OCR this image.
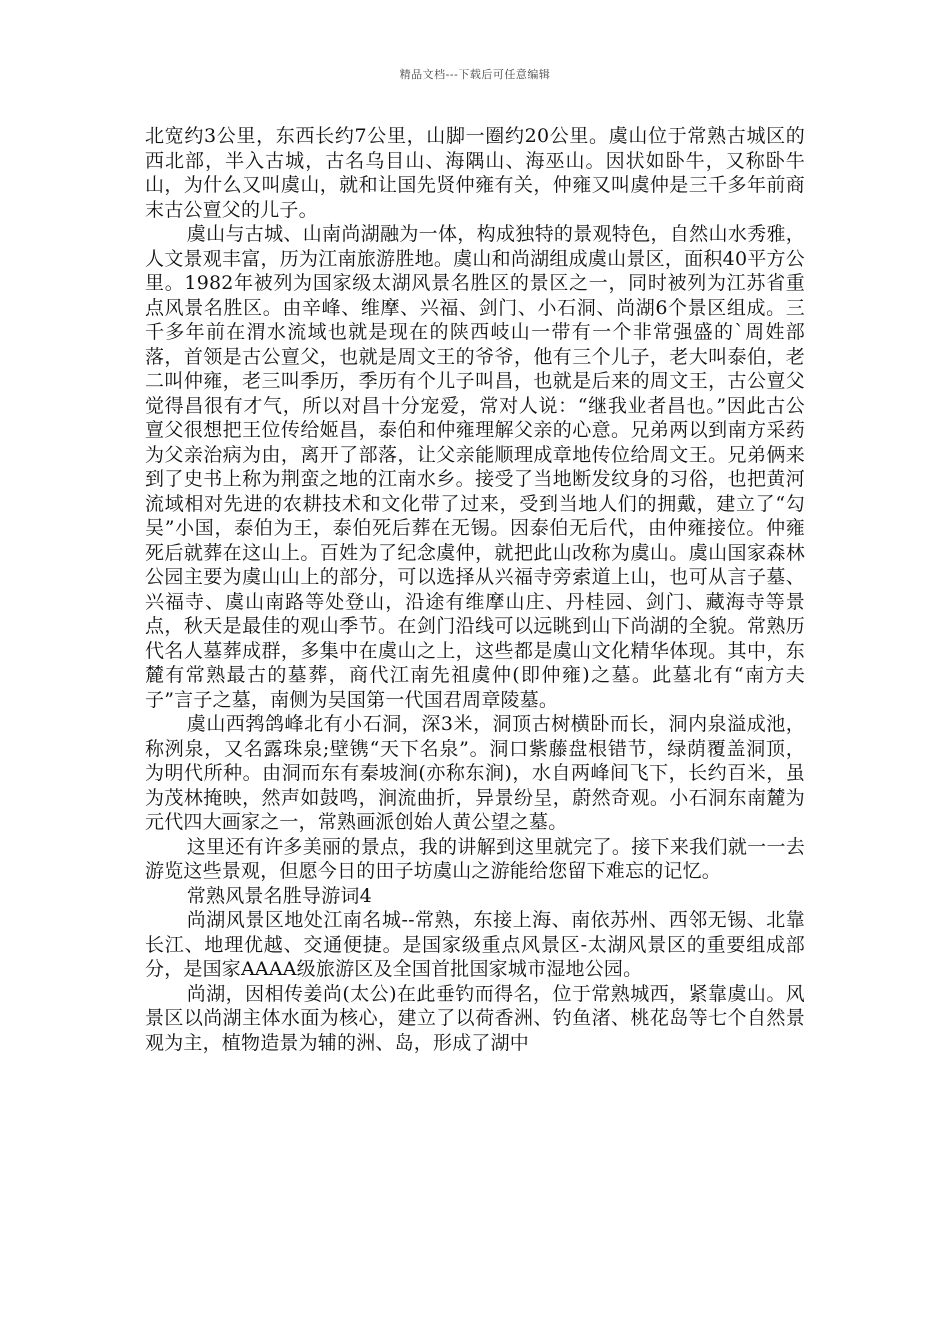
精品文档---下载后可任意编辑

北宽约3公里，东西长约7公里，山脚一圈约20公里。虞山位于常熟古城区的西北部，半入古城，古名乌目山、海隅山、海巫山。因状如卧牛，又称卧牛山，为什么又叫虞山，就和让国先贤仲雍有关，仲雍又叫虞仲是三千多年前商末古公亶父的儿子。

虞山与古城、山南尚湖融为一体，构成独特的景观特色，自然山水秀雅，人文景观丰富，历为江南旅游胜地。虞山和尚湖组成虞山景区，面积40平方公里。1982年被列为国家级太湖风景名胜区的景区之一，同时被列为江苏省重点风景名胜区。由辛峰、维摩、兴福、剑门、小石洞、尚湖6个景区组成。三千多年前在渭水流域也就是现在的陕西岐山一带有一个非常强盛的`周姓部落，首领是古公亶父，也就是周文王的爷爷，他有三个儿子，老大叫泰伯，老二叫仲雍，老三叫季历，季历有个儿子叫昌，也就是后来的周文王，古公亶父觉得昌很有才气，所以对昌十分宠爱，常对人说：“继我业者昌也。”因此古公亶父很想把王位传给姬昌，泰伯和仲雍理解父亲的心意。兄弟两以到南方采药为父亲治病为由，离开了部落，让父亲能顺理成章地传位给周文王。兄弟俩来到了史书上称为荆蛮之地的江南水乡。接受了当地断发纹身的习俗，也把黄河流域相对先进的农耕技术和文化带了过来，受到当地人们的拥戴，建立了“勾吴”小国，泰伯为王，泰伯死后葬在无锡。因泰伯无后代，由仲雍接位。仲雍死后就葬在这山上。百姓为了纪念虞仲，就把此山改称为虞山。虞山国家森林公园主要为虞山山上的部分，可以选择从兴福寺旁索道上山，也可从言子墓、兴福寺、虞山南路等处登山，沿途有维摩山庄、丹桂园、剑门、藏海寺等景点，秋天是最佳的观山季节。在剑门沿线可以远眺到山下尚湖的全貌。常熟历代名人墓葬成群，多集中在虞山之上，这些都是虞山文化精华体现。其中，东麓有常熟最古的墓葬，商代江南先祖虞仲(即仲雍)之墓。此墓北有“南方夫子”言子之墓，南侧为吴国第一代国君周章陵墓。

虞山西鹁鸽峰北有小石洞，深3米，洞顶古树横卧而长，洞内泉溢成池，称洌泉，又名露珠泉;壁镌“天下名泉”。洞口紫藤盘根错节，绿荫覆盖洞顶，为明代所种。由洞而东有秦坡涧(亦称东涧)，水自两峰间飞下，长约百米，虽为茂林掩映，然声如鼓鸣，涧流曲折，异景纷呈，蔚然奇观。小石洞东南麓为元代四大画家之一，常熟画派创始人黄公望之墓。

这里还有许多美丽的景点，我的讲解到这里就完了。接下来我们就一一去游览这些景观，但愿今日的田子坊虞山之游能给您留下难忘的记忆。

常熟风景名胜导游词4

尚湖风景区地处江南名城--常熟，东接上海、南依苏州、西邻无锡、北靠长江、地理优越、交通便捷。是国家级重点风景区-太湖风景区的重要组成部分，是国家AAAA级旅游区及全国首批国家城市湿地公园。

尚湖，因相传姜尚(太公)在此垂钓而得名，位于常熟城西，紧靠虞山。风景区以尚湖主体水面为核心，建立了以荷香洲、钓鱼渚、桃花岛等七个自然景观为主，植物造景为辅的洲、岛，形成了湖中
